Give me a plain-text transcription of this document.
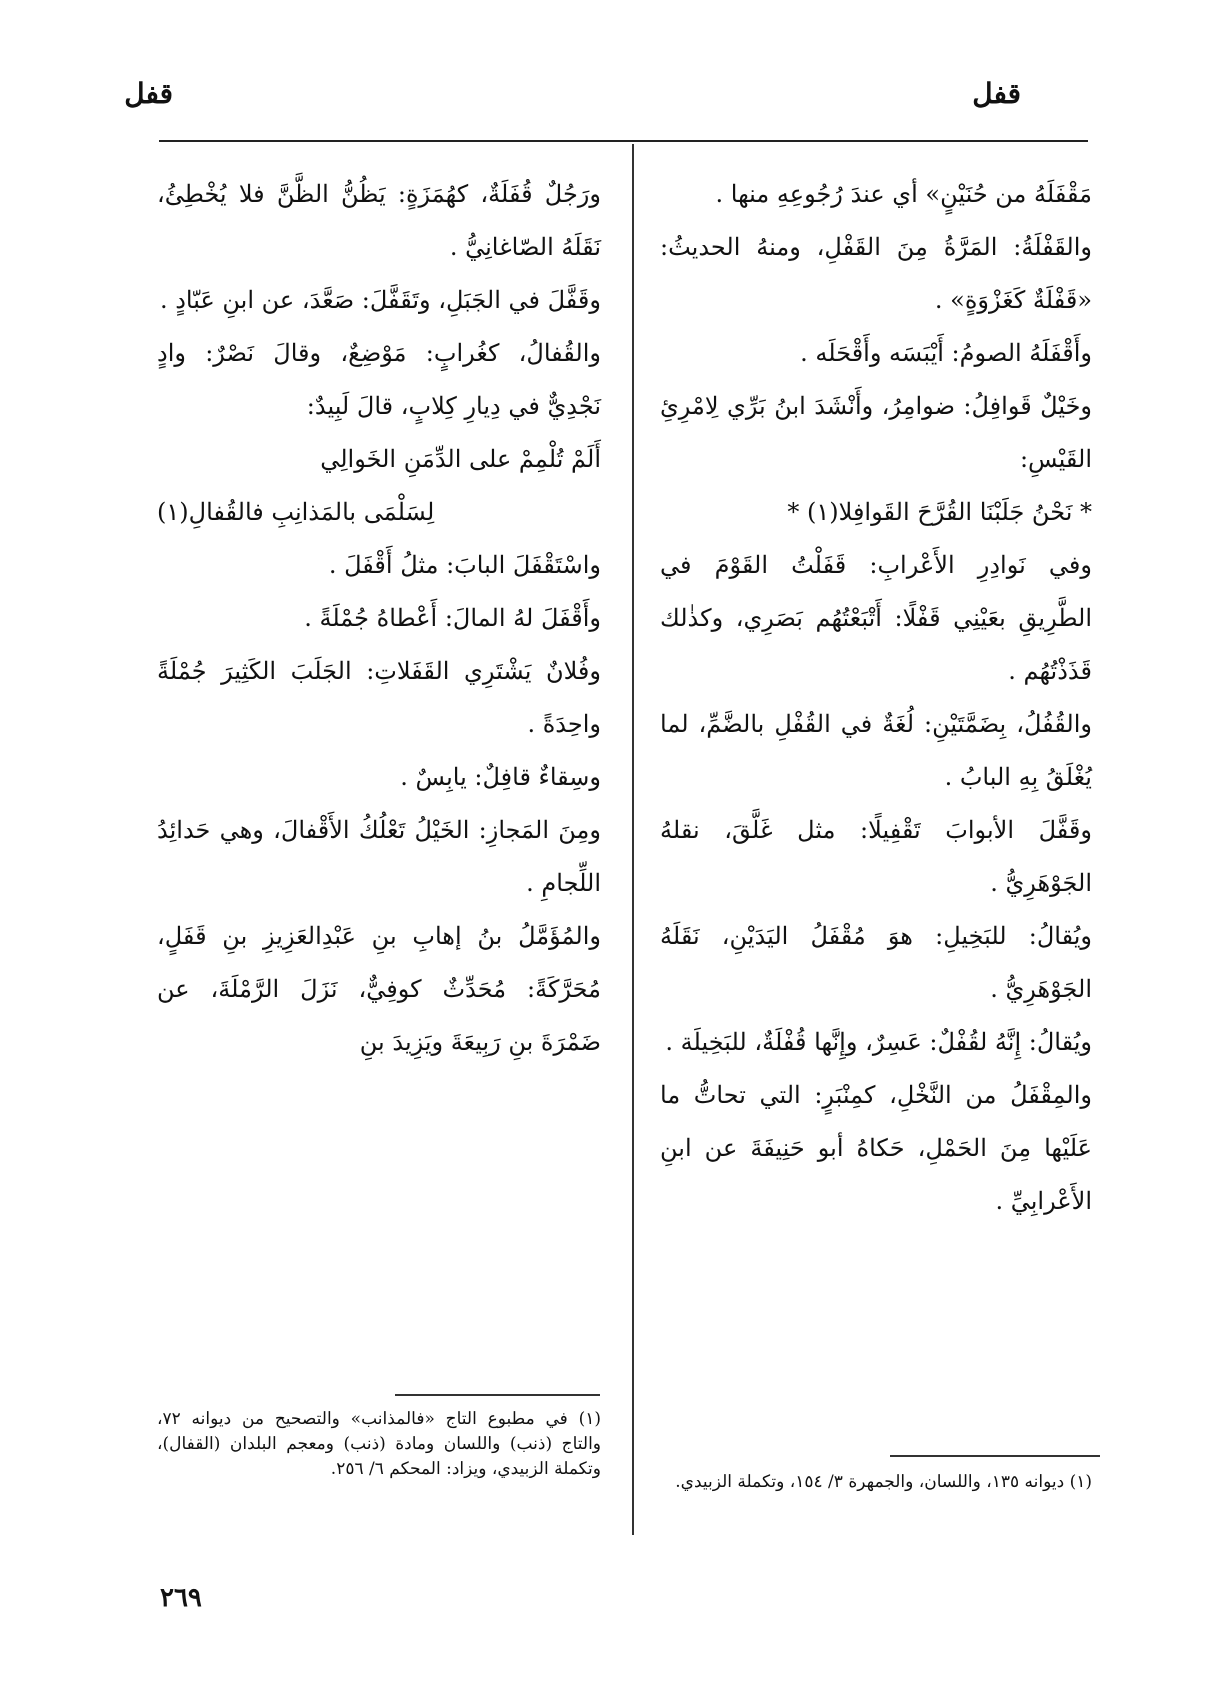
قفل
قفل

مَقْفَلَهُ من حُنَيْنٍ» أي عندَ رُجُوعِهِ منها .

والقَفْلَةُ: المَرَّةُ مِنَ القَفْلِ، ومنهُ الحديثُ: «قَفْلَةٌ كَغَزْوَةٍ» .

وأَقْفَلَهُ الصومُ: أَيْبَسَه وأَقْحَلَه .

وخَيْلٌ قَوافِلُ: ضوامِرُ، وأَنْشَدَ ابنُ بَرِّي لِامْرِئِ القَيْسِ:

* نَحْنُ جَلَبْنَا القُرَّحَ القَوافِلا(١) *

وفي نَوادِرِ الأَعْرابِ: قَفَلْتُ القَوْمَ في الطَّرِيقِ بعَيْنِي قَفْلًا: أَتْبَعْتُهُم بَصَرِي، وكذٰلك قَذَذْتُهُم .

والقُفُلُ، بِضَمَّتَيْنِ: لُغَةٌ في القُفْلِ بالضَّمِّ، لما يُغْلَقُ بِهِ البابُ .

وقَفَّلَ الأبوابَ تَقْفِيلًا: مثل غَلَّقَ، نقلهُ الجَوْهَرِيُّ .

ويُقالُ: للبَخِيلِ: هوَ مُقْفَلُ اليَدَيْنِ، نَقَلَهُ الجَوْهَرِيُّ .

ويُقالُ: إِنَّهُ لقُفْلٌ: عَسِرٌ، وإِنَّها قُفْلَةٌ، للبَخِيلَة .

والمِقْفَلُ من النَّخْلِ، كمِنْبَرٍ: التي تحاتُّ ما عَلَيْها مِنَ الحَمْلِ، حَكاهُ أبو حَنِيفَةَ عن ابنِ الأَعْرابِيِّ .

ورَجُلٌ قُفَلَةٌ، كهُمَزَةٍ: يَظُنُّ الظَّنَّ فلا يُخْطِئُ، نَقَلَهُ الصّاغانِيُّ .

وقَفَّلَ في الجَبَلِ، وتَقَفَّلَ: صَعَّدَ، عن ابنِ عَبّادٍ .

والقُفالُ، كغُرابٍ: مَوْضِعٌ، وقالَ نَصْرٌ: وادٍ نَجْدِيٌّ في دِيارِ كِلابٍ، قالَ لَبِيدٌ:

أَلَمْ تُلْمِمْ على الدِّمَنِ الخَوالِي

لِسَلْمَى بالمَذانِبِ فالقُفالِ(١)

واسْتَقْفَلَ البابَ: مثلُ أَقْفَلَ .

وأَقْفَلَ لهُ المالَ: أَعْطاهُ جُمْلَةً .

وفُلانٌ يَشْتَرِي القَفَلاتِ: الجَلَبَ الكَثِيرَ جُمْلَةً واحِدَةً .

وسِقاءٌ قافِلٌ: يابِسٌ .

ومِنَ المَجازِ: الخَيْلُ تَعْلُكُ الأَقْفالَ، وهي حَدائِدُ اللِّجامِ .

والمُؤَمَّلُ بنُ إهابِ بنِ عَبْدِالعَزِيزِ بنِ قَفَلٍ، مُحَرَّكَةً: مُحَدِّثٌ كوفِيٌّ، نَزَلَ الرَّمْلَةَ، عن ضَمْرَةَ بنِ رَبِيعَةَ ويَزِيدَ بنِ

(١) ديوانه ١٣٥، واللسان، والجمهرة ٣/ ١٥٤، وتكملة الزبيدي.

(١) في مطبوع التاج «فالمذانب» والتصحيح من ديوانه ٧٢، والتاج (ذنب) واللسان ومادة (ذنب) ومعجم البلدان (القفال)، وتكملة الزبيدي، ويزاد: المحكم ٦/ ٢٥٦.

٢٦٩
